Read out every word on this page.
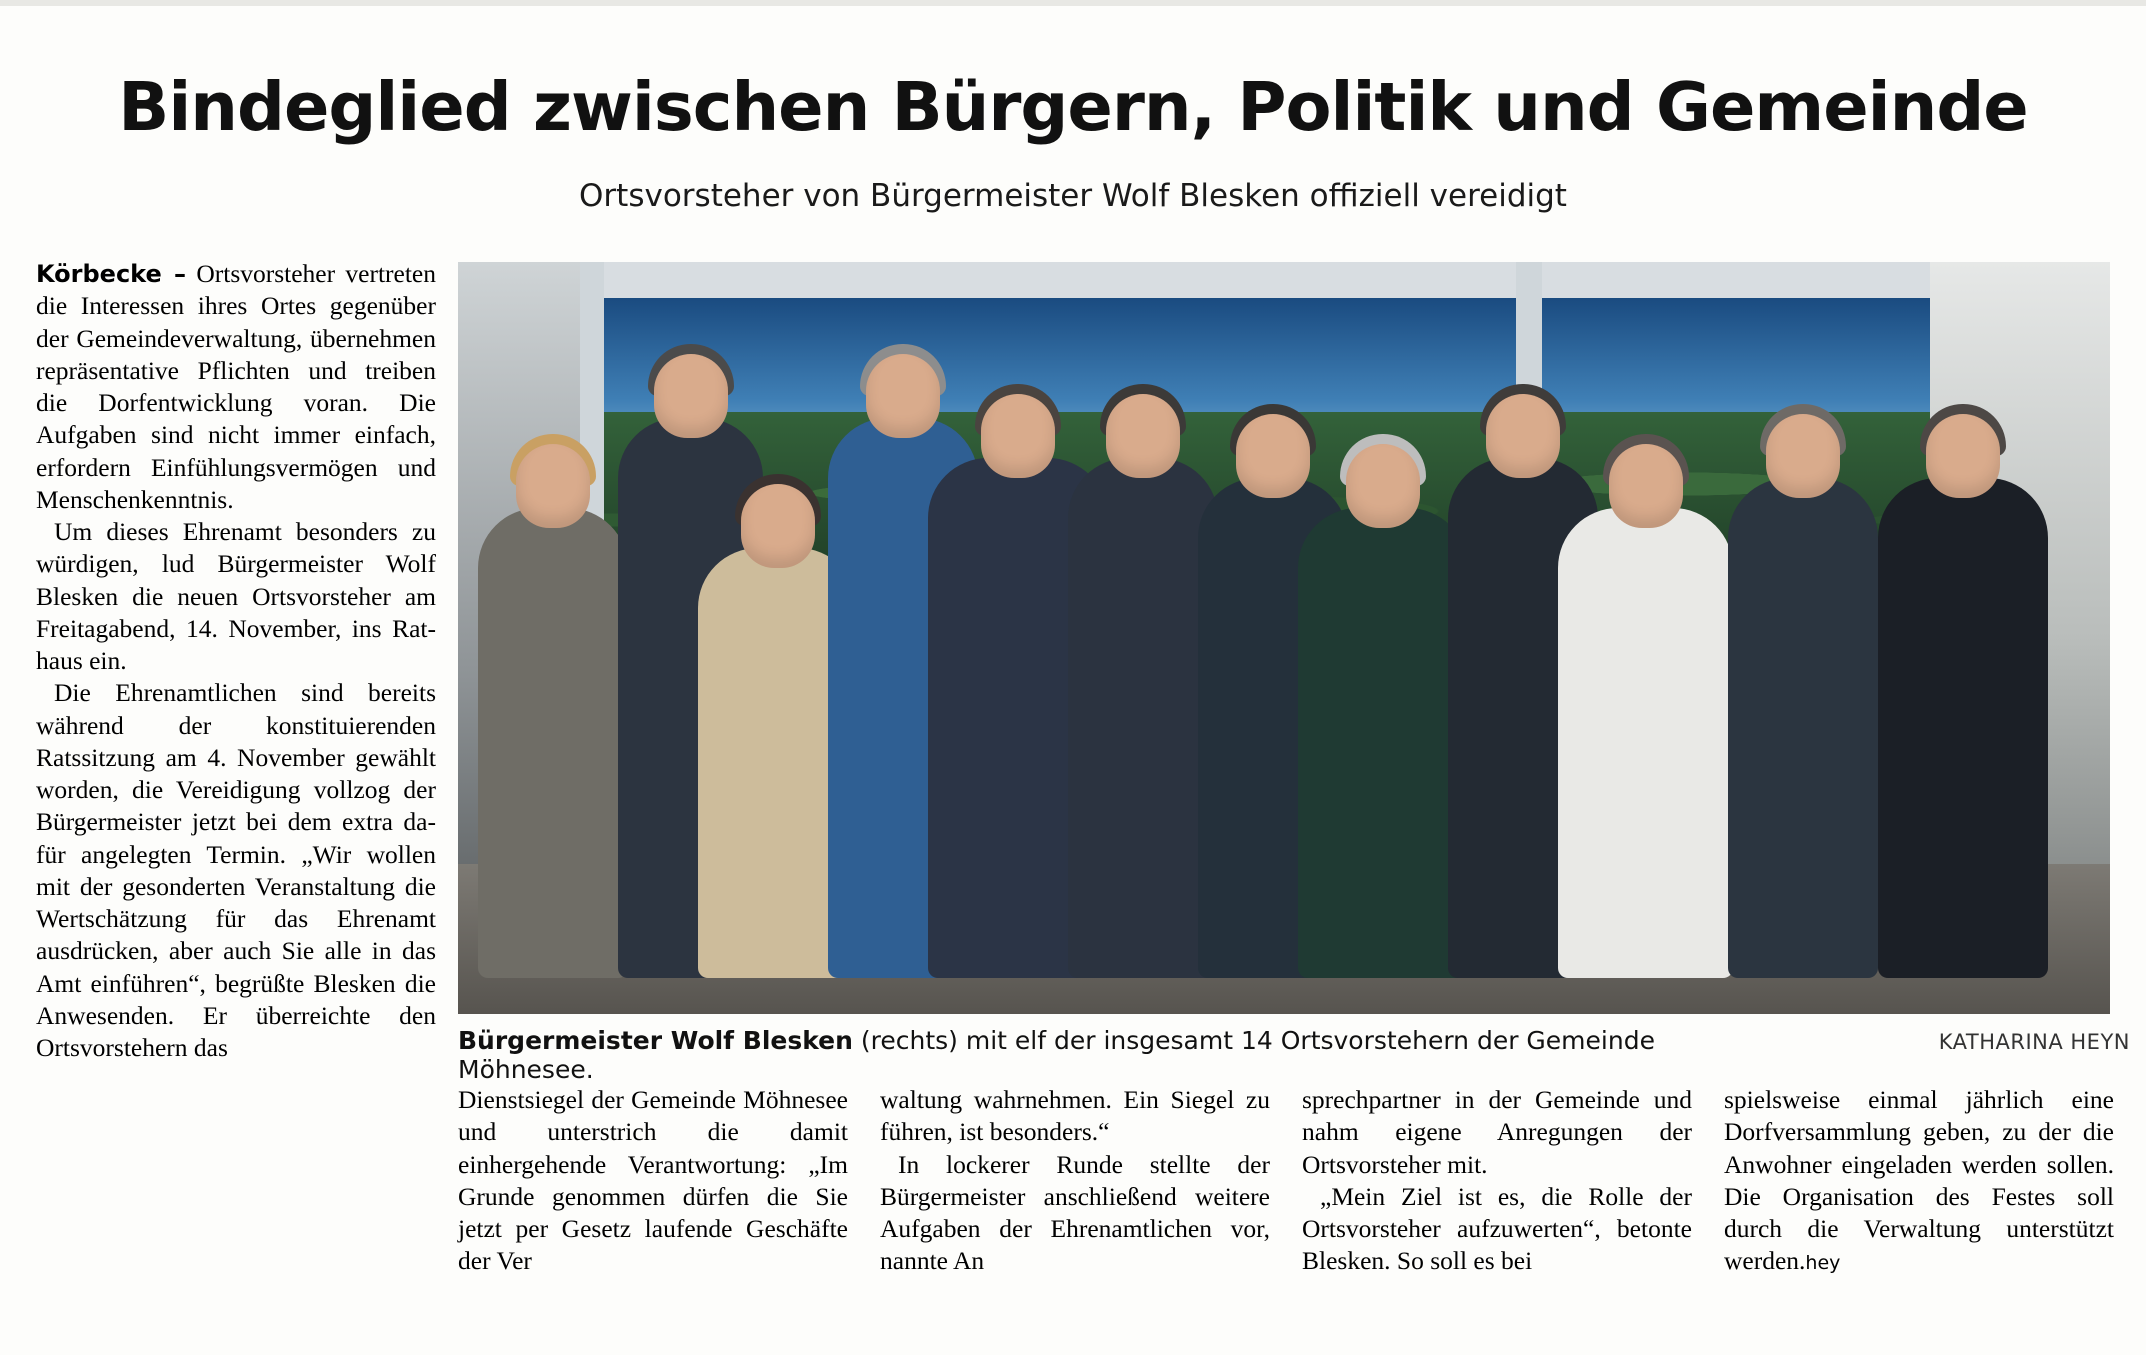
Bindeglied zwischen Bürgern, Politik und Gemeinde
Ortsvorsteher von Bürgermeister Wolf Blesken offiziell vereidigt

Körbecke – Ortsvorsteher vertreten die Interessen ihres Ortes gegenüber der Gemeindeverwaltung, übernehmen repräsentative Pflichten und treiben die Dorfentwicklung voran. Die Aufgaben sind nicht immer einfach, erfordern Einfühlungsvermögen und Menschenkenntnis.

Um dieses Ehrenamt besonders zu würdigen, lud Bürgermeister Wolf Blesken die neuen Ortsvorsteher am Freitagabend, 14. November, ins Rathaus ein.

Die Ehrenamtlichen sind bereits während der konstituierenden Ratssitzung am 4. November gewählt worden, die Vereidigung vollzog der Bürgermeister jetzt bei dem extra dafür angelegten Termin. „Wir wollen mit der gesonderten Veranstaltung die Wertschätzung für das Ehrenamt ausdrücken, aber auch Sie alle in das Amt einführen“, begrüßte Blesken die Anwesenden. Er überreichte den Ortsvorstehern das	Bürgermeister Wolf Blesken (rechts) mit elf der insgesamt 14 Ortsvorstehern der Gemeinde Möhnesee.
KATHARINA HEYN

Dienstsiegel der Gemeinde Möhnesee und unterstrich die damit einhergehende Verantwortung: „Im Grunde genommen dürfen die Sie jetzt per Gesetz laufende Geschäfte der Ver

waltung wahrnehmen. Ein Siegel zu führen, ist besonders.“

In lockerer Runde stellte der Bürgermeister anschließend weitere Aufgaben der Ehrenamtlichen vor, nannte An

sprechpartner in der Gemeinde und nahm eigene Anregungen der Ortsvorsteher mit.

„Mein Ziel ist es, die Rolle der Ortsvorsteher aufzuwerten“, betonte Blesken. So soll es bei

spielsweise einmal jährlich eine Dorfversammlung geben, zu der die Anwohner eingeladen werden sollen. Die Organisation des Festes soll durch die Verwaltung unterstützt werden.hey
